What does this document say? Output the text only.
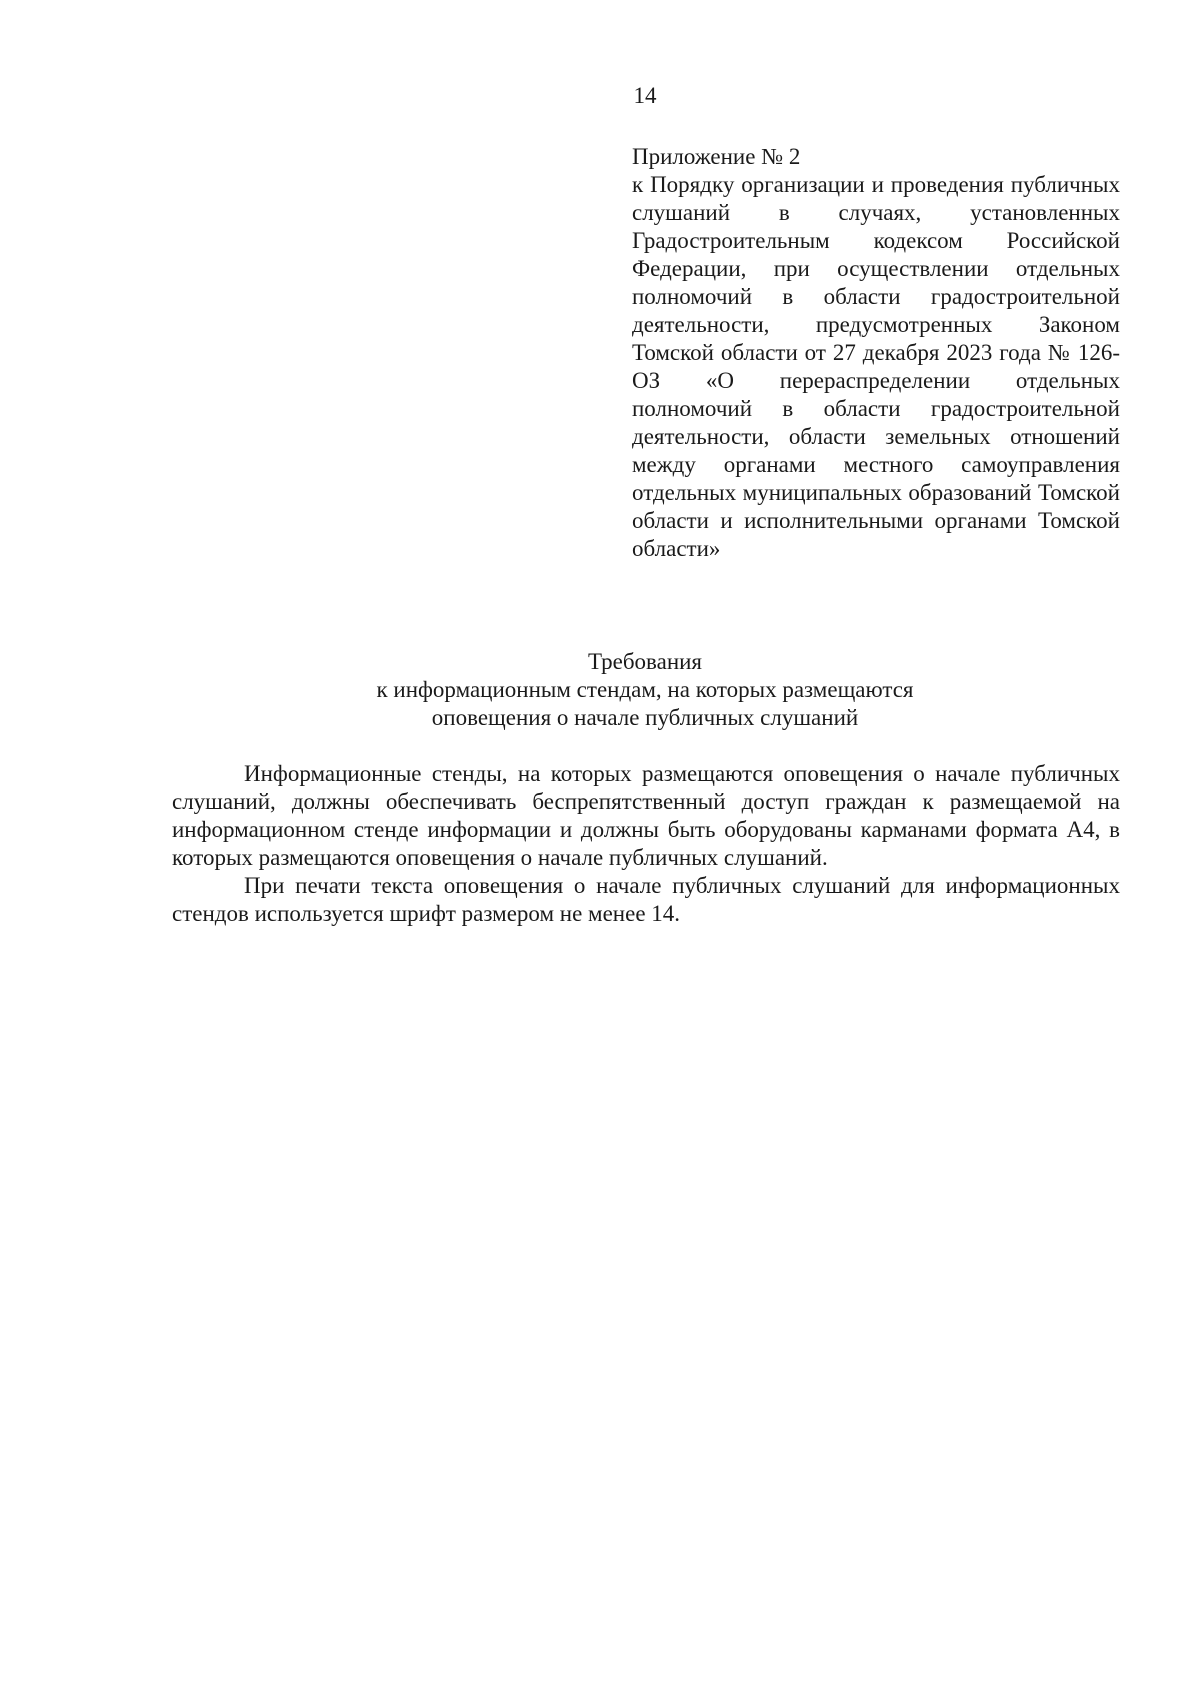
14
Приложение № 2
к Порядку организации и проведения публичных слушаний в случаях, установленных Градостроительным кодексом Российской Федерации, при осуществлении отдельных полномочий в области градостроительной деятельности, предусмотренных Законом Томской области от 27 декабря 2023 года № 126-ОЗ «О перераспределении отдельных полномочий в области градостроительной деятельности, области земельных отношений между органами местного самоуправления отдельных муниципальных образований Томской области и исполнительными органами Томской области»
Требования
к информационным стендам, на которых размещаются
оповещения о начале публичных слушаний

Информационные стенды, на которых размещаются оповещения о начале публичных слушаний, должны обеспечивать беспрепятственный доступ граждан к размещаемой на информационном стенде информации и должны быть оборудованы карманами формата А4, в которых размещаются оповещения о начале публичных слушаний.

При печати текста оповещения о начале публичных слушаний для информационных стендов используется шрифт размером не менее 14.
